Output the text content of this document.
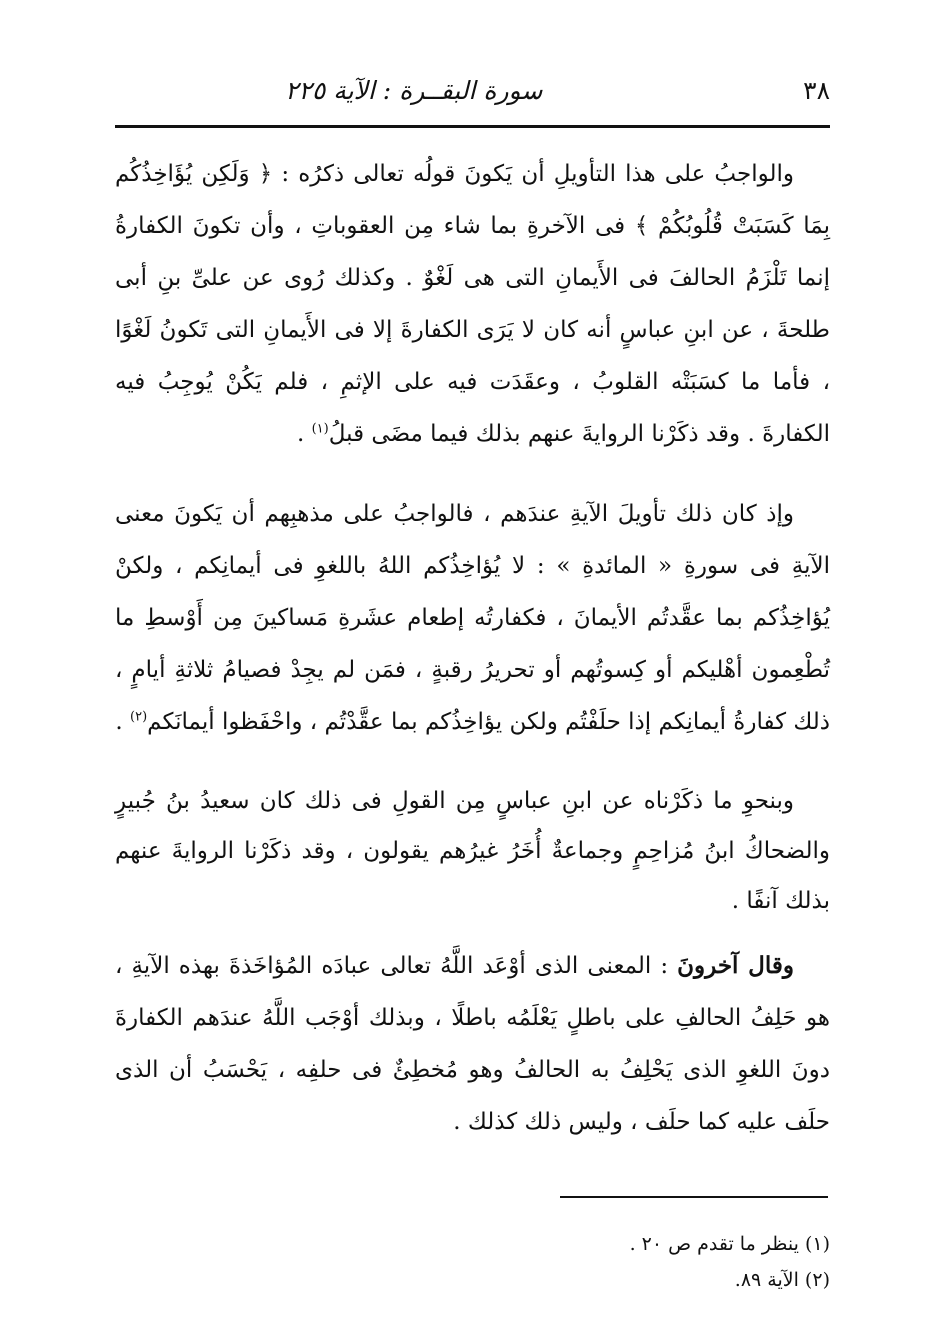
٣٨
سورة البقــرة : الآية ٢٢٥

والواجبُ على هذا التأويلِ أن يَكونَ قولُه تعالى ذكرُه : ﴿ وَلَكِن يُؤَاخِذُكُم بِمَا كَسَبَتْ قُلُوبُكُمْ ﴾ فى الآخرةِ بما شاء مِن العقوباتِ ، وأن تكونَ الكفارةُ إنما تَلْزَمُ الحالفَ فى الأَيمانِ التى هى لَغْوٌ . وكذلك رُوى عن علىِّ بنِ أبى طلحةَ ، عن ابنِ عباسٍ أنه كان لا يَرَى الكفارةَ إلا فى الأَيمانِ التى تَكونُ لَغْوًا ، فأما ما كسَبَتْه القلوبُ ، وعقَدَت فيه على الإثمِ ، فلم يَكُنْ يُوجِبُ فيه الكفارةَ . وقد ذكَرْنا الروايةَ عنهم بذلك فيما مضَى قبلُ$^{(١)}$ .

وإذ كان ذلك تأويلَ الآيةِ عندَهم ، فالواجبُ على مذهبِهم أن يَكونَ معنى الآيةِ فى سورةِ « المائدةِ » : لا يُؤاخِذُكم اللهُ باللغوِ فى أيمانِكم ، ولكنْ يُؤاخِذُكم بما عقَّدتُم الأيمانَ ، فكفارتُه إطعام عشَرةِ مَساكينَ مِن أَوْسطِ ما تُطْعِمون أهْليكم أو كِسوتُهم أو تحريرُ رقبةٍ ، فمَن لم يجِدْ فصيامُ ثلاثةِ أيامٍ ، ذلك كفارةُ أيمانِكم إذا حلَفْتُم ولكن يؤاخِذُكم بما عقَّدْتُم ، واحْفَظوا أيمانَكم$^{(٢)}$ .

وبنحوِ ما ذكَرْناه عن ابنِ عباسٍ مِن القولِ فى ذلك كان سعيدُ بنُ جُبيرٍ والضحاكُ ابنُ مُزاحِمٍ وجماعةٌ أُخَرُ غيرُهم يقولون ، وقد ذكَرْنا الروايةَ عنهم بذلك آنفًا .

وقال آخرونَ : المعنى الذى أوْعَد اللَّهُ تعالى عبادَه المُؤاخَذةَ بهذه الآيةِ ، هو حَلِفُ الحالفِ على باطلٍ يَعْلَمُه باطلًا ، وبذلك أوْجَب اللَّهُ عندَهم الكفارةَ دونَ اللغوِ الذى يَحْلِفُ به الحالفُ وهو مُخطِئٌ فى حلفِه ، يَحْسَبُ أن الذى حلَف عليه كما حلَف ، وليس ذلك كذلك .

(١) ينظر ما تقدم ص ٢٠ .

(٢) الآية ٨٩.
